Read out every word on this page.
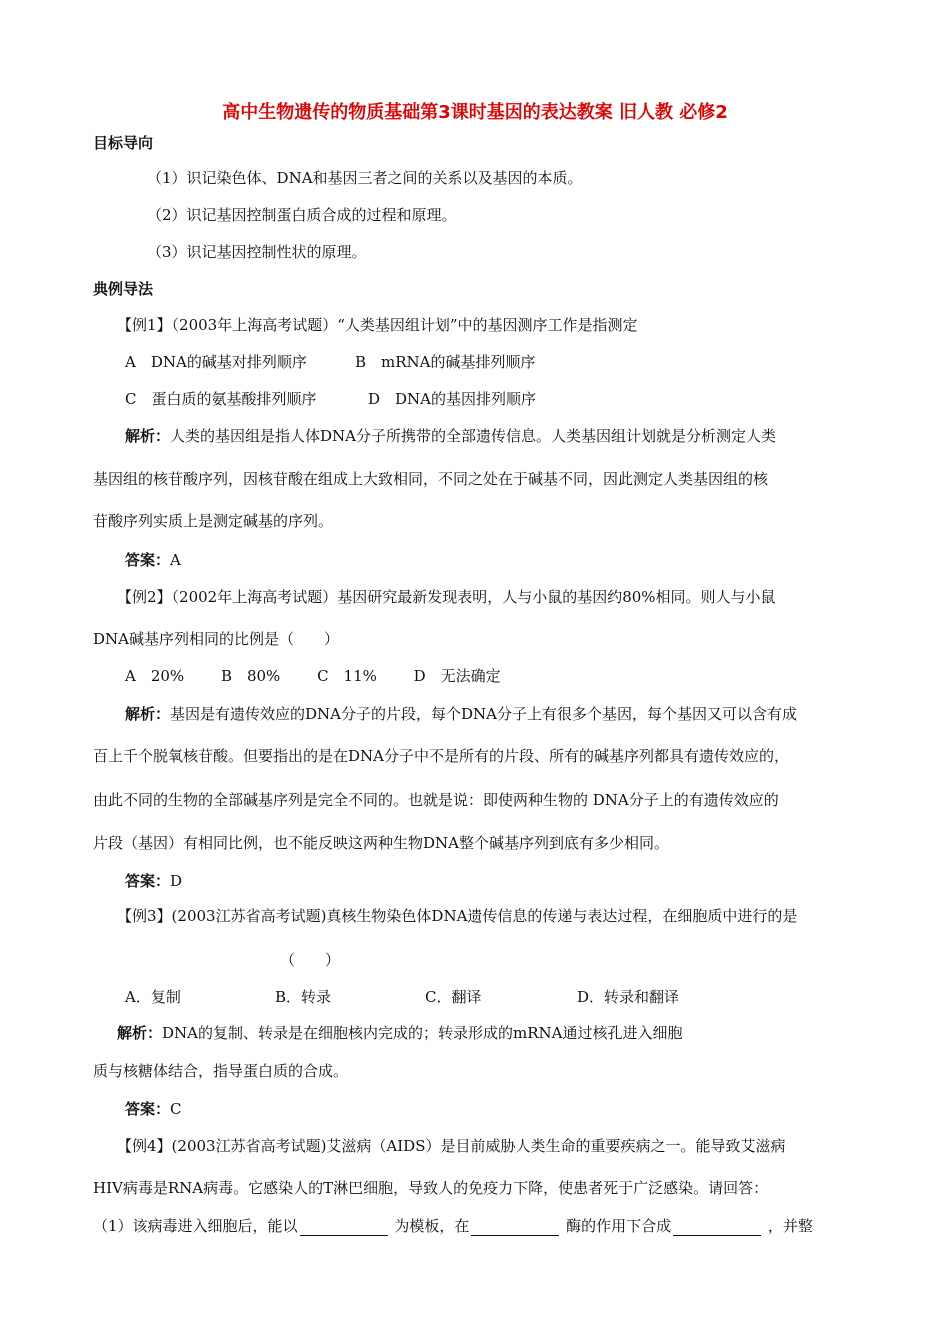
高中生物遗传的物质基础第3课时基因的表达教案 旧人教 必修2
目标导向
（1）识记染色体、DNA和基因三者之间的关系以及基因的本质。
（2）识记基因控制蛋白质合成的过程和原理。
（3）识记基因控制性状的原理。
典例导法
【例1】（2003年上海高考试题）“人类基因组计划”中的基因测序工作是指测定
A　DNA的碱基对排列顺序	B　mRNA的碱基排列顺序
C　蛋白质的氨基酸排列顺序	D　DNA的基因排列顺序
解析：人类的基因组是指人体DNA分子所携带的全部遗传信息。人类基因组计划就是分析测定人类
基因组的核苷酸序列，因核苷酸在组成上大致相同，不同之处在于碱基不同，因此测定人类基因组的核
苷酸序列实质上是测定碱基的序列。
答案：A
【例2】（2002年上海高考试题）基因研究最新发现表明，人与小鼠的基因约80%相同。则人与小鼠
DNA碱基序列相同的比例是（　　）
A　20%　　 B　80%　　 C　11%　　 D　无法确定
解析：基因是有遗传效应的DNA分子的片段，每个DNA分子上有很多个基因，每个基因又可以含有成
百上千个脱氧核苷酸。但要指出的是在DNA分子中不是所有的片段、所有的碱基序列都具有遗传效应的，
由此不同的生物的全部碱基序列是完全不同的。也就是说：即使两种生物的 DNA分子上的有遗传效应的
片段（基因）有相同比例，也不能反映这两种生物DNA整个碱基序列到底有多少相同。
答案：D
【例3】(2003江苏省高考试题)真核生物染色体DNA遗传信息的传递与表达过程，在细胞质中进行的是
（　　）
A．复制	B．转录	C．翻译	D．转录和翻译
解析：DNA的复制、转录是在细胞核内完成的；转录形成的mRNA通过核孔进入细胞
质与核糖体结合，指导蛋白质的合成。
答案：C
【例4】(2003江苏省高考试题)艾滋病（AIDS）是目前威胁人类生命的重要疾病之一。能导致艾滋病
HIV病毒是RNA病毒。它感染人的T淋巴细胞，导致人的免疫力下降，使患者死于广泛感染。请回答：
（1）该病毒进入细胞后，能以	为模板，在	酶的作用下合成	，并整
